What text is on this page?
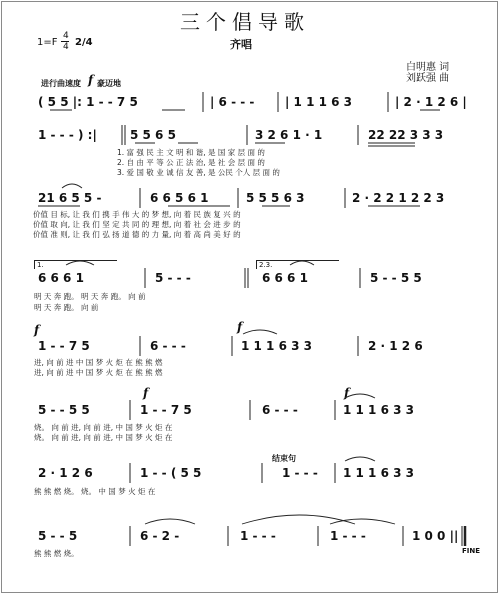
三个倡导歌
齐唱
1=F
4
4 2/4
白明惠 词
刘跃强 曲
进行曲速度 f 豪迈地
( 5 5 |: 1 - - 7 5	| 6 - - -	| 1 1 1 6 3	| 2 · 1 2 6 |
1 - - - ) :|	5 5 6 5	3 2 6 1 · 1	22 22 3 3 3
1. 富 强 民 主 文 明 和 谐, 是 国 家 层 面 的
2. 自 由 平 等 公 正 法 治, 是 社 会 层 面 的
3. 爱 国 敬 业 诚 信 友 善, 是 公民 个人 层 面 的
21 6 5 5 -	6 6 5 6 1	5 5 5 6 3	2 · 2 2 1 2 2 3
价值 目 标, 让 我 们 携 手 伟 大 的 梦 想, 向 着 民 族 复 兴 的
价值 取 向, 让 我 们 坚 定 共 同 的 理 想, 向 着 社 会 进 步 的
价值 准 则, 让 我 们 弘 扬 道 德 的 力 量, 向 着 高 尚 美 好 的
1.	2.3.
6 6 6 1	5 - - -	6 6 6 1	5 - - 5 5
明 天 奔 跑。 明 天 奔 跑。 向 前
明 天 奔 跑。 向 前
f	f
1 - - 7 5	6 - - -	1 1 1 6 3 3	2 · 1 2 6
进, 向 前 进 中 国 梦 火 炬 在 熊 熊 燃
进, 向 前 进 中 国 梦 火 炬 在 熊 熊 燃
f	f
5 - - 5 5	1 - - 7 5	6 - - -	1 1 1 6 3 3
烧。 向 前 进, 向 前 进, 中 国 梦 火 炬 在
烧。 向 前 进, 向 前 进, 中 国 梦 火 炬 在
结束句
2 · 1 2 6	1 - - ( 5 5	1 - - - 1 1 1 6 3 3
熊 熊 燃 烧。 烧。 中 国 梦 火 炬 在
5 - - 5	6 - 2 -	1 - - -	1 - - -	1 0 0 ||
熊 熊 燃 烧。	FINE
